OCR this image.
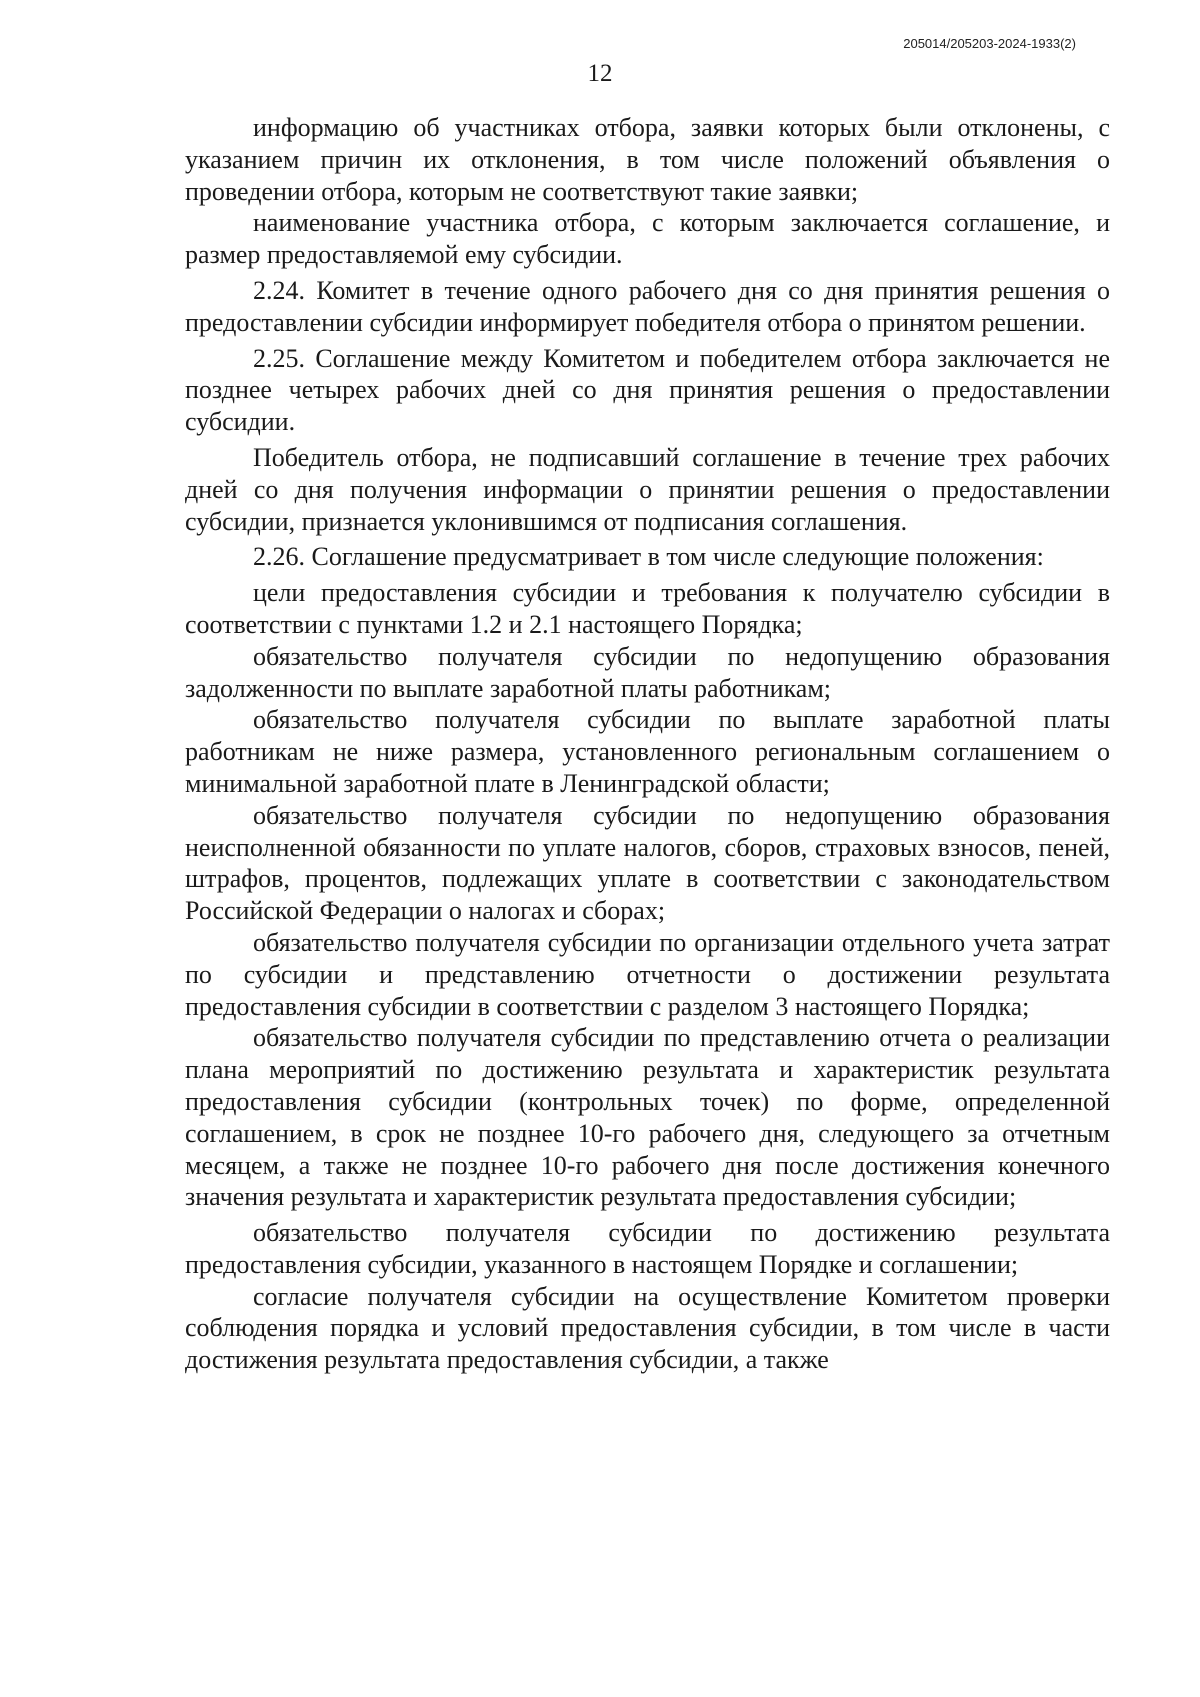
205014/205203-2024-1933(2)
12

информацию об участниках отбора, заявки которых были отклонены, с указанием причин их отклонения, в том числе положений объявления о проведении отбора, которым не соответствуют такие заявки;

наименование участника отбора, с которым заключается соглашение, и размер предоставляемой ему субсидии.

2.24. Комитет в течение одного рабочего дня со дня принятия решения о предоставлении субсидии информирует победителя отбора о принятом решении.

2.25. Соглашение между Комитетом и победителем отбора заключается не позднее четырех рабочих дней со дня принятия решения о предоставлении субсидии.

Победитель отбора, не подписавший соглашение в течение трех рабочих дней со дня получения информации о принятии решения о предоставлении субсидии, признается уклонившимся от подписания соглашения.

2.26. Соглашение предусматривает в том числе следующие положения:

цели предоставления субсидии и требования к получателю субсидии в соответствии с пунктами 1.2 и 2.1 настоящего Порядка;

обязательство получателя субсидии по недопущению образования задолженности по выплате заработной платы работникам;

обязательство получателя субсидии по выплате заработной платы работникам не ниже размера, установленного региональным соглашением о минимальной заработной плате в Ленинградской области;

обязательство получателя субсидии по недопущению образования неисполненной обязанности по уплате налогов, сборов, страховых взносов, пеней, штрафов, процентов, подлежащих уплате в соответствии с законодательством Российской Федерации о налогах и сборах;

обязательство получателя субсидии по организации отдельного учета затрат по субсидии и представлению отчетности о достижении результата предоставления субсидии в соответствии с разделом 3 настоящего Порядка;

обязательство получателя субсидии по представлению отчета о реализации плана мероприятий по достижению результата и характеристик результата предоставления субсидии (контрольных точек) по форме, определенной соглашением, в срок не позднее 10-го рабочего дня, следующего за отчетным месяцем, а также не позднее 10-го рабочего дня после достижения конечного значения результата и характеристик результата предоставления субсидии;

обязательство получателя субсидии по достижению результата предоставления субсидии, указанного в настоящем Порядке и соглашении;

согласие получателя субсидии на осуществление Комитетом проверки соблюдения порядка и условий предоставления субсидии, в том числе в части достижения результата предоставления субсидии, а также
